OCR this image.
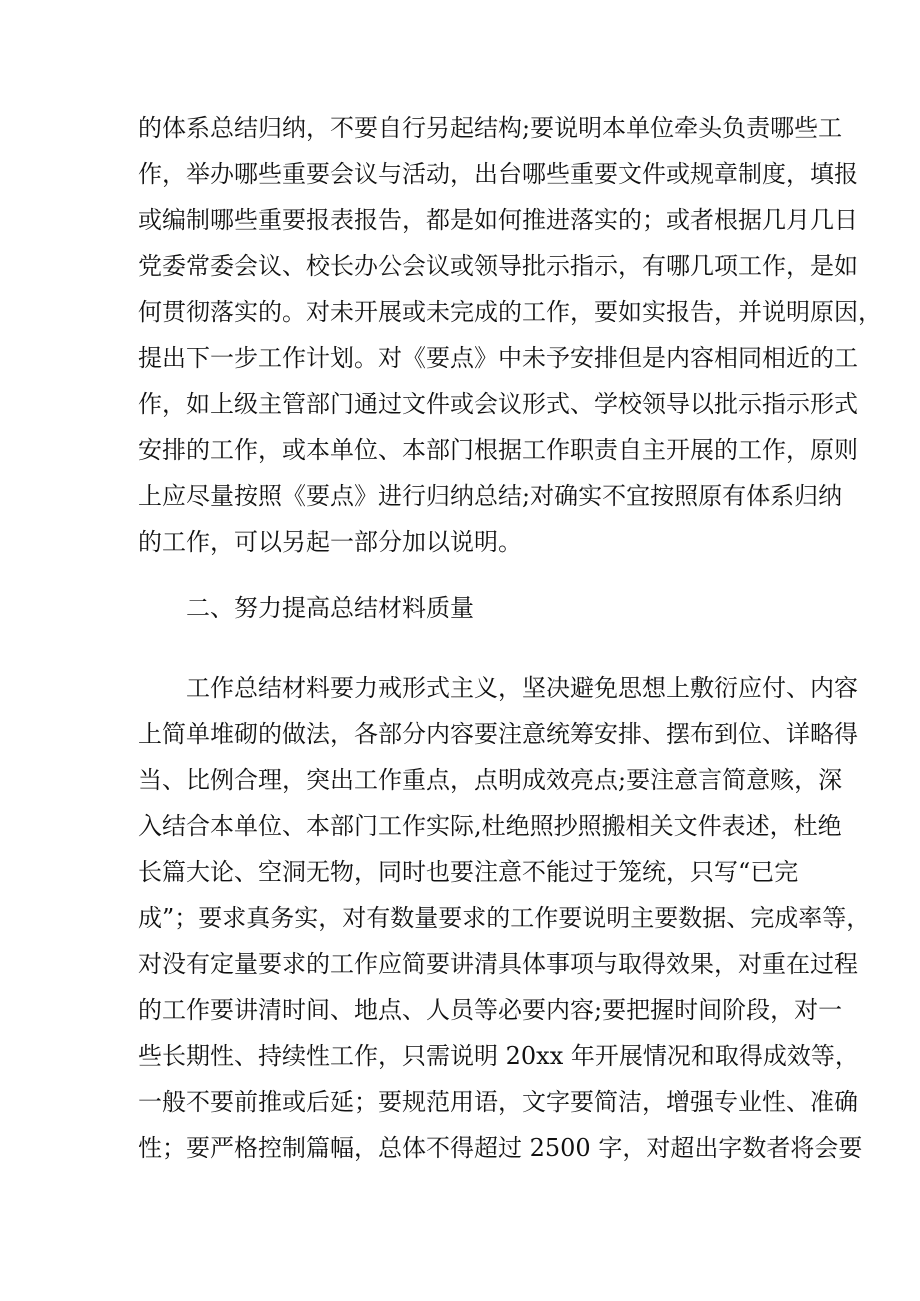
的体系总结归纳，不要自行另起结构;要说明本单位牵头负责哪些工
作，举办哪些重要会议与活动，出台哪些重要文件或规章制度，填报
或编制哪些重要报表报告，都是如何推进落实的；或者根据几月几日
党委常委会议、校长办公会议或领导批示指示，有哪几项工作，是如
何贯彻落实的。对未开展或未完成的工作，要如实报告，并说明原因，
提出下一步工作计划。对《要点》中未予安排但是内容相同相近的工
作，如上级主管部门通过文件或会议形式、学校领导以批示指示形式
安排的工作，或本单位、本部门根据工作职责自主开展的工作，原则
上应尽量按照《要点》进行归纳总结;对确实不宜按照原有体系归纳
的工作，可以另起一部分加以说明。
二、努力提高总结材料质量
工作总结材料要力戒形式主义，坚决避免思想上敷衍应付、内容
上简单堆砌的做法，各部分内容要注意统筹安排、摆布到位、详略得
当、比例合理，突出工作重点，点明成效亮点;要注意言简意赅，深
入结合本单位、本部门工作实际,杜绝照抄照搬相关文件表述，杜绝
长篇大论、空洞无物，同时也要注意不能过于笼统，只写“已完
成”；要求真务实，对有数量要求的工作要说明主要数据、完成率等，
对没有定量要求的工作应简要讲清具体事项与取得效果，对重在过程
的工作要讲清时间、地点、人员等必要内容;要把握时间阶段，对一
些长期性、持续性工作，只需说明 20xx 年开展情况和取得成效等，
一般不要前推或后延；要规范用语，文字要简洁，增强专业性、准确
性；要严格控制篇幅，总体不得超过 2500 字，对超出字数者将会要
